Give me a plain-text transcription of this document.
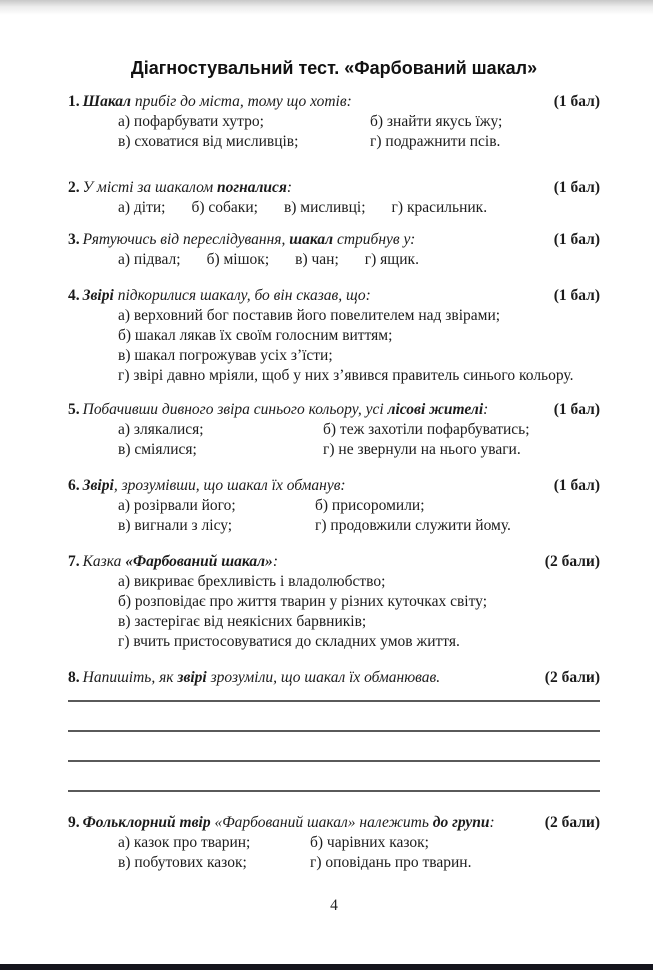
Діагностувальний тест. «Фарбований шакал»
1. Шакал прибіг до міста, тому що хотів:	(1 бал)
а) пофарбувати хутро;	б) знайти якусь їжу;
в) сховатися від мисливців;	г) подражнити псів.
2. У місті за шакалом погналися:	(1 бал)
а) діти; б) собаки; в) мисливці; г) красильник.
3. Рятуючись від переслідування, шакал стрибнув у:	(1 бал)
а) підвал; б) мішок; в) чан; г) ящик.
4. Звірі підкорилися шакалу, бо він сказав, що:	(1 бал)
а) верховний бог поставив його повелителем над звірами;
б) шакал лякав їх своїм голосним виттям;
в) шакал погрожував усіх з’їсти;
г) звірі давно мріяли, щоб у них з’явився правитель синього кольору.
5. Побачивши дивного звіра синього кольору, усі лісові жителі:	(1 бал)
а) злякалися;	б) теж захотіли пофарбуватись;
в) сміялися;	г) не звернули на нього уваги.
6. Звірі, зрозумівши, що шакал їх обманув:	(1 бал)
а) розірвали його;	б) присоромили;
в) вигнали з лісу;	г) продовжили служити йому.
7. Казка «Фарбований шакал»:	(2 бали)
а) викриває брехливість і владолюбство;
б) розповідає про життя тварин у різних куточках світу;
в) застерігає від неякісних барвників;
г) вчить пристосовуватися до складних умов життя.
8. Напишіть, як звірі зрозуміли, що шакал їх обманював.	(2 бали)
9. Фольклорний твір «Фарбований шакал» належить до групи:	(2 бали)
а) казок про тварин;	б) чарівних казок;
в) побутових казок;	г) оповідань про тварин.
4
